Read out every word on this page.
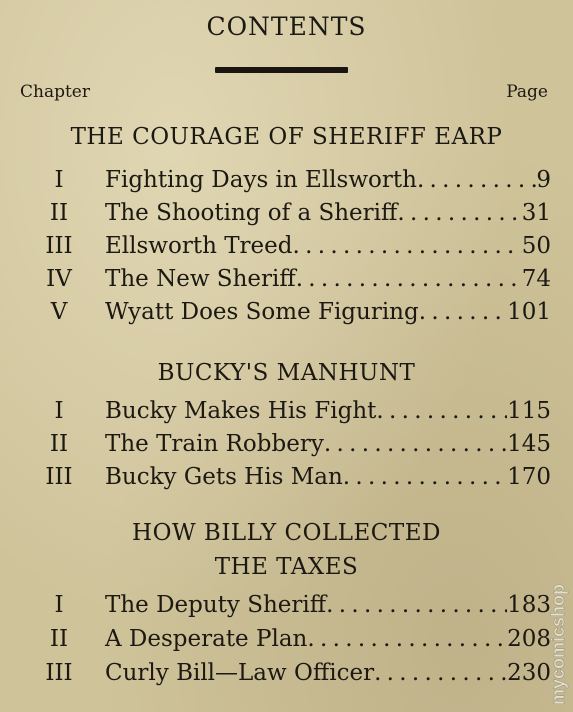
CONTENTS
Chapter	Page
THE COURAGE OF SHERIFF EARP
I	Fighting Days in Ellsworth . . .	9
II	The Shooting of a Sheriff . . .	31
III	Ellsworth Treed . . .	50
IV	The New Sheriff . . .	74
V	Wyatt Does Some Figuring . . .	101
BUCKY'S MANHUNT
I	Bucky Makes His Fight . . .	115
II	The Train Robbery . . .	145
III	Bucky Gets His Man . . .	170
HOW BILLY COLLECTED
THE TAXES
I	The Deputy Sheriff . . .	183
II	A Desperate Plan . . .	208
III	Curly Bill—Law Officer . . .	230
mycomicshop
